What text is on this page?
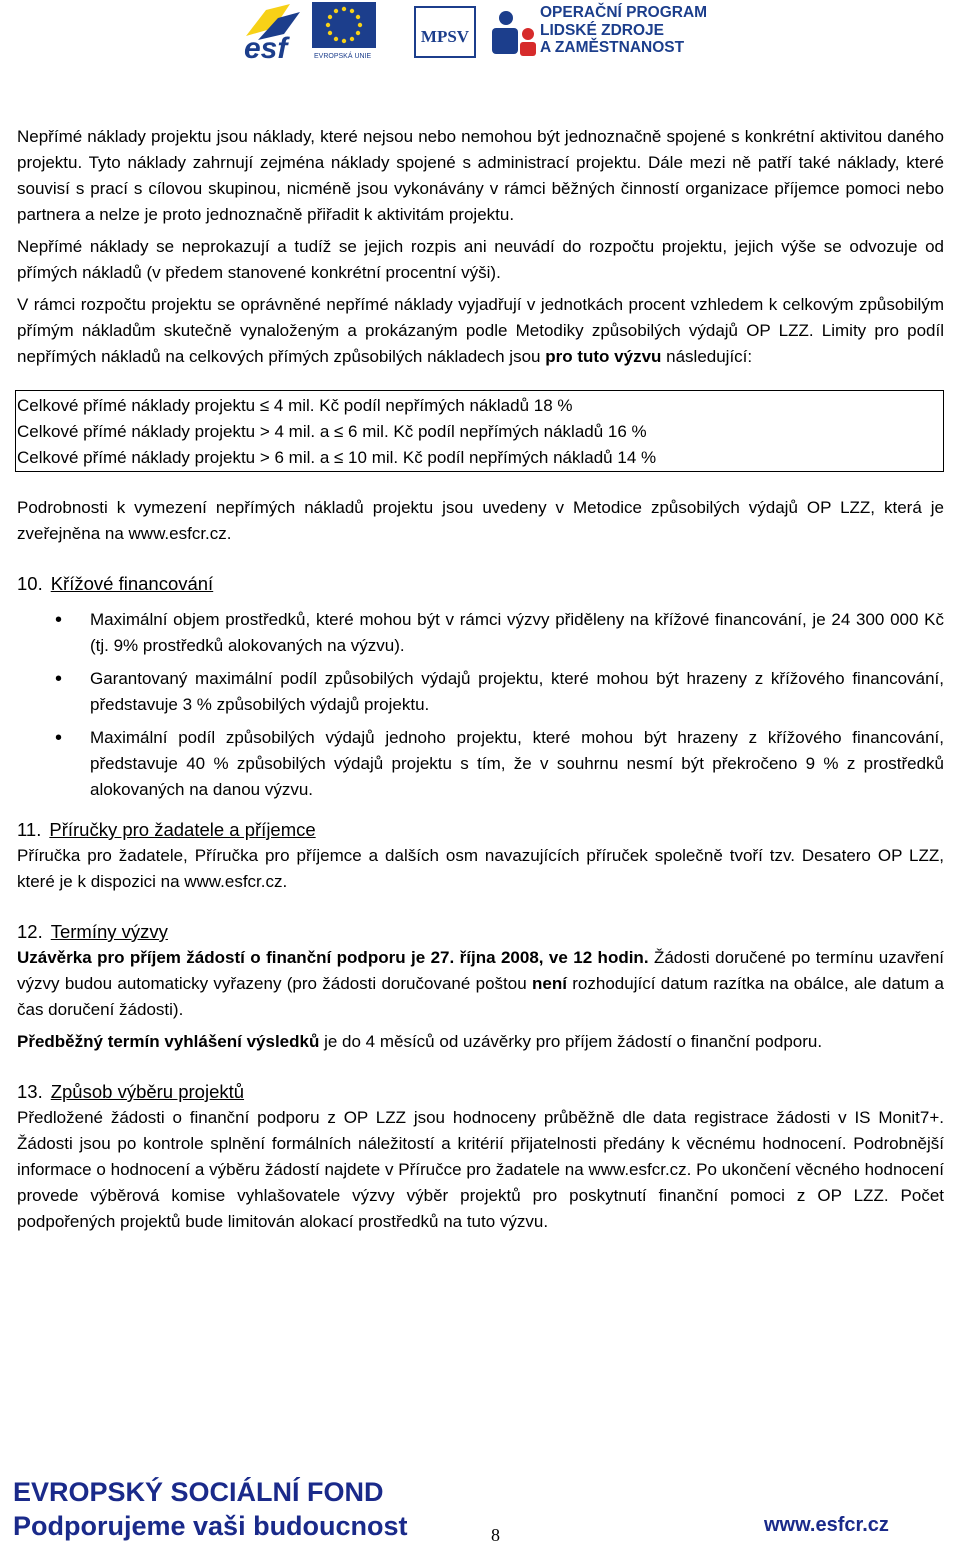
esf	EVROPSKÁ UNIE
MPSV
OPERAČNÍ PROGRAM
LIDSKÉ ZDROJE
A ZAMĚSTNANOST

Nepřímé náklady projektu jsou náklady, které nejsou nebo nemohou být jednoznačně spojené s konkrétní aktivitou daného projektu. Tyto náklady zahrnují zejména náklady spojené s administrací projektu. Dále mezi ně patří také náklady, které souvisí s prací s cílovou skupinou, nicméně jsou vykonávány v rámci běžných činností organizace příjemce pomoci nebo partnera a nelze je proto jednoznačně přiřadit k aktivitám projektu.

Nepřímé náklady se neprokazují a tudíž se jejich rozpis ani neuvádí do rozpočtu projektu, jejich výše se odvozuje od přímých nákladů (v předem stanovené konkrétní procentní výši).

V rámci rozpočtu projektu se oprávněné nepřímé náklady vyjadřují v jednotkách procent vzhledem k celkovým způsobilým přímým nákladům skutečně vynaloženým a prokázaným podle Metodiky způsobilých výdajů OP LZZ. Limity pro podíl nepřímých nákladů na celkových přímých způsobilých nákladech jsou pro tuto výzvu následující:

Celkové přímé náklady projektu ≤ 4 mil. Kč podíl nepřímých nákladů 18 %
Celkové přímé náklady projektu > 4 mil. a ≤ 6 mil. Kč podíl nepřímých nákladů 16 %
Celkové přímé náklady projektu > 6 mil. a ≤ 10 mil. Kč podíl nepřímých nákladů 14 %

Podrobnosti k vymezení nepřímých nákladů projektu jsou uvedeny v Metodice způsobilých výdajů OP LZZ, která je zveřejněna na www.esfcr.cz.

10. Křížové financování

• Maximální objem prostředků, které mohou být v rámci výzvy přiděleny na křížové financování, je 24 300 000 Kč (tj. 9% prostředků alokovaných na výzvu).
• Garantovaný maximální podíl způsobilých výdajů projektu, které mohou být hrazeny z křížového financování, představuje 3 % způsobilých výdajů projektu.
• Maximální podíl způsobilých výdajů jednoho projektu, které mohou být hrazeny z křížového financování, představuje 40 % způsobilých výdajů projektu s tím, že v souhrnu nesmí být překročeno 9 % z prostředků alokovaných na danou výzvu.

11. Příručky pro žadatele a příjemce

Příručka pro žadatele, Příručka pro příjemce a dalších osm navazujících příruček společně tvoří tzv. Desatero OP LZZ, které je k dispozici na www.esfcr.cz.

12. Termíny výzvy

Uzávěrka pro příjem žádostí o finanční podporu je 27. října 2008, ve 12 hodin. Žádosti doručené po termínu uzavření výzvy budou automaticky vyřazeny (pro žádosti doručované poštou není rozhodující datum razítka na obálce, ale datum a čas doručení žádosti).

Předběžný termín vyhlášení výsledků je do 4 měsíců od uzávěrky pro příjem žádostí o finanční podporu.

13. Způsob výběru projektů

Předložené žádosti o finanční podporu z OP LZZ jsou hodnoceny průběžně dle data registrace žádosti v IS Monit7+. Žádosti jsou po kontrole splnění formálních náležitostí a kritérií přijatelnosti předány k věcnému hodnocení. Podrobnější informace o hodnocení a výběru žádostí najdete v Příručce pro žadatele na www.esfcr.cz. Po ukončení věcného hodnocení provede výběrová komise vyhlašovatele výzvy výběr projektů pro poskytnutí finanční pomoci z OP LZZ. Počet podpořených projektů bude limitován alokací prostředků na tuto výzvu.

EVROPSKÝ SOCIÁLNÍ FOND
Podporujeme vaši budoucnost	8	www.esfcr.cz
